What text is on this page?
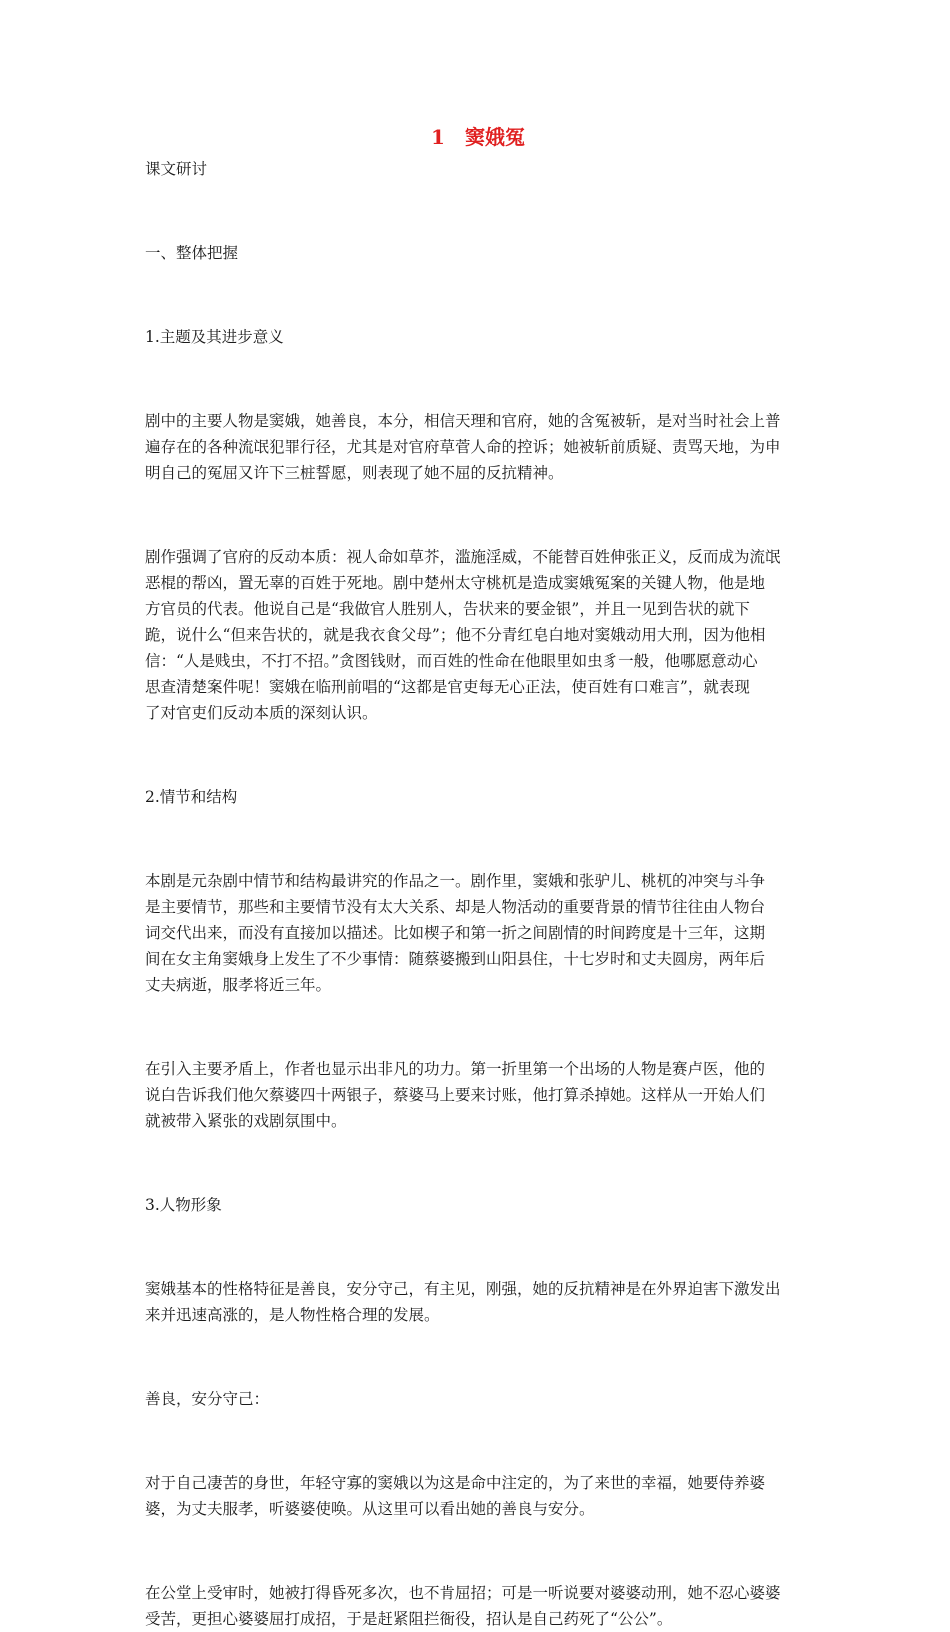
1　窦娥冤

课文研讨

一、整体把握

1.主题及其进步意义

剧中的主要人物是窦娥，她善良，本分，相信天理和官府，她的含冤被斩，是对当时社会上普

遍存在的各种流氓犯罪行径，尤其是对官府草菅人命的控诉；她被斩前质疑、责骂天地，为申

明自己的冤屈又许下三桩誓愿，则表现了她不屈的反抗精神。

剧作强调了官府的反动本质：视人命如草芥，滥施淫威，不能替百姓伸张正义，反而成为流氓

恶棍的帮凶，置无辜的百姓于死地。剧中楚州太守桃杌是造成窦娥冤案的关键人物，他是地

方官员的代表。他说自己是“我做官人胜别人，告状来的要金银”，并且一见到告状的就下

跪，说什么“但来告状的，就是我衣食父母”；他不分青红皂白地对窦娥动用大刑，因为他相

信：“人是贱虫，不打不招。”贪图钱财，而百姓的性命在他眼里如虫豸一般，他哪愿意动心

思查清楚案件呢！窦娥在临刑前唱的“这都是官吏每无心正法，使百姓有口难言”，就表现

了对官吏们反动本质的深刻认识。

2.情节和结构

本剧是元杂剧中情节和结构最讲究的作品之一。剧作里，窦娥和张驴儿、桃杌的冲突与斗争

是主要情节，那些和主要情节没有太大关系、却是人物活动的重要背景的情节往往由人物台

词交代出来，而没有直接加以描述。比如楔子和第一折之间剧情的时间跨度是十三年，这期

间在女主角窦娥身上发生了不少事情：随蔡婆搬到山阳县住，十七岁时和丈夫圆房，两年后

丈夫病逝，服孝将近三年。

在引入主要矛盾上，作者也显示出非凡的功力。第一折里第一个出场的人物是赛卢医，他的

说白告诉我们他欠蔡婆四十两银子，蔡婆马上要来讨账，他打算杀掉她。这样从一开始人们

就被带入紧张的戏剧氛围中。

3.人物形象

窦娥基本的性格特征是善良，安分守己，有主见，刚强，她的反抗精神是在外界迫害下激发出

来并迅速高涨的，是人物性格合理的发展。

善良，安分守己：

对于自己凄苦的身世，年轻守寡的窦娥以为这是命中注定的，为了来世的幸福，她要侍养婆

婆，为丈夫服孝，听婆婆使唤。从这里可以看出她的善良与安分。

在公堂上受审时，她被打得昏死多次，也不肯屈招；可是一听说要对婆婆动刑，她不忍心婆婆

受苦，更担心婆婆屈打成招，于是赶紧阻拦衙役，招认是自己药死了“公公”。
